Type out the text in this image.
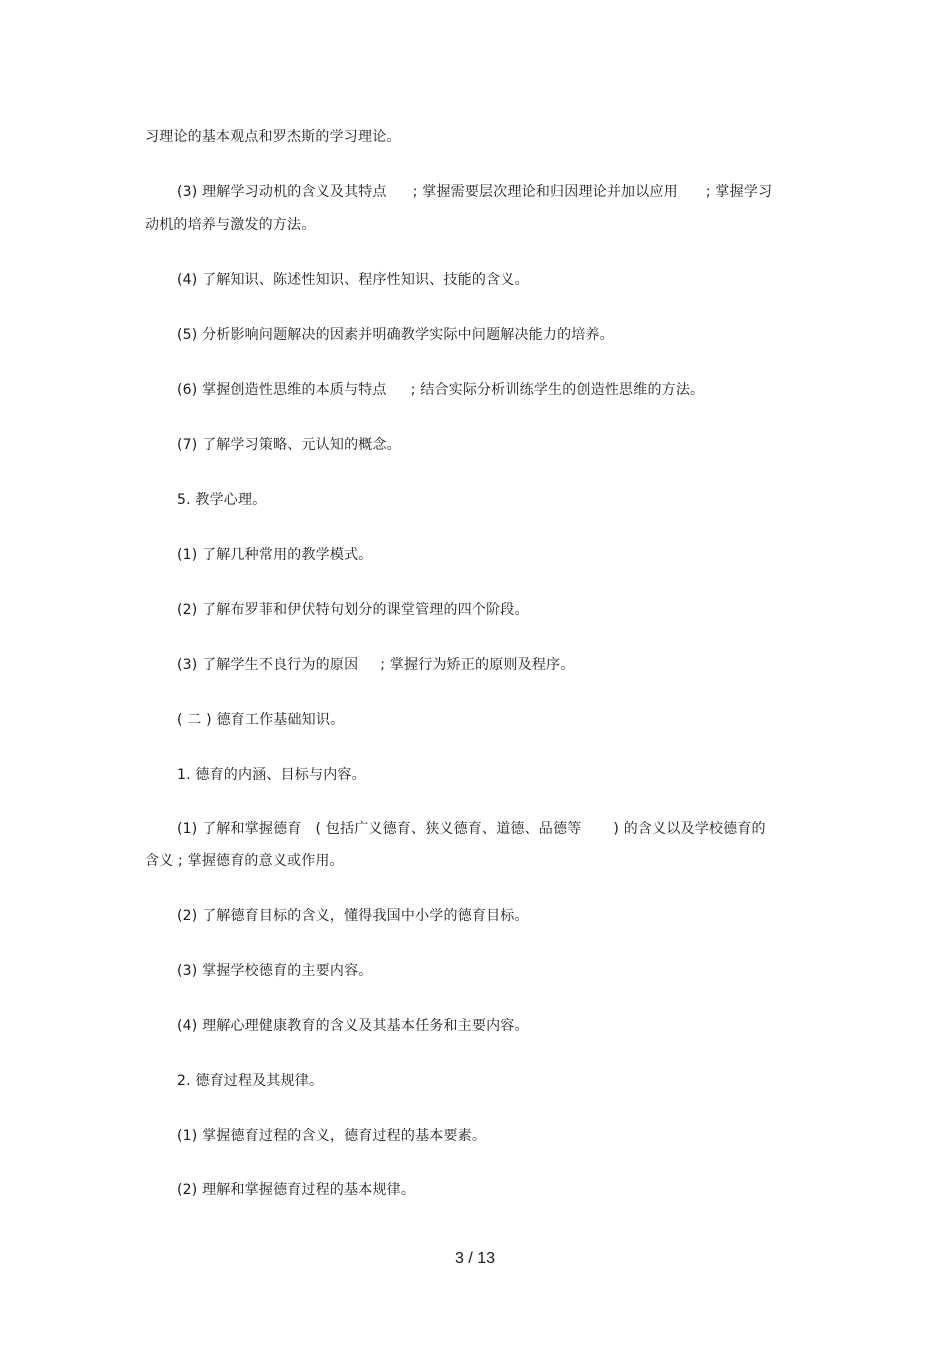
习理论的基本观点和罗杰斯的学习理论。
(3) 理解学习动机的含义及其特点 ; 掌握需要层次理论和归因理论并加以应用 ; 掌握学习
动机的培养与激发的方法。
(4) 了解知识、陈述性知识、程序性知识、技能的含义。
(5) 分析影响问题解决的因素并明确教学实际中问题解决能力的培养。
(6) 掌握创造性思维的本质与特点 ; 结合实际分析训练学生的创造性思维的方法。
(7) 了解学习策略、元认知的概念。
5. 教学心理。
(1) 了解几种常用的教学模式。
(2) 了解布罗菲和伊伏特句划分的课堂管理的四个阶段。
(3) 了解学生不良行为的原因 ; 掌握行为矫正的原则及程序。
( 二 ) 德育工作基础知识。
1. 德育的内涵、目标与内容。
(1) 了解和掌握德育 ( 包括广义德育、狭义德育、道德、品德等 ) 的含义以及学校德育的
含义 ; 掌握德育的意义或作用。
(2) 了解德育目标的含义，懂得我国中小学的德育目标。
(3) 掌握学校德育的主要内容。
(4) 理解心理健康教育的含义及其基本任务和主要内容。
2. 德育过程及其规律。
(1) 掌握德育过程的含义，德育过程的基本要素。
(2) 理解和掌握德育过程的基本规律。
3 / 13
